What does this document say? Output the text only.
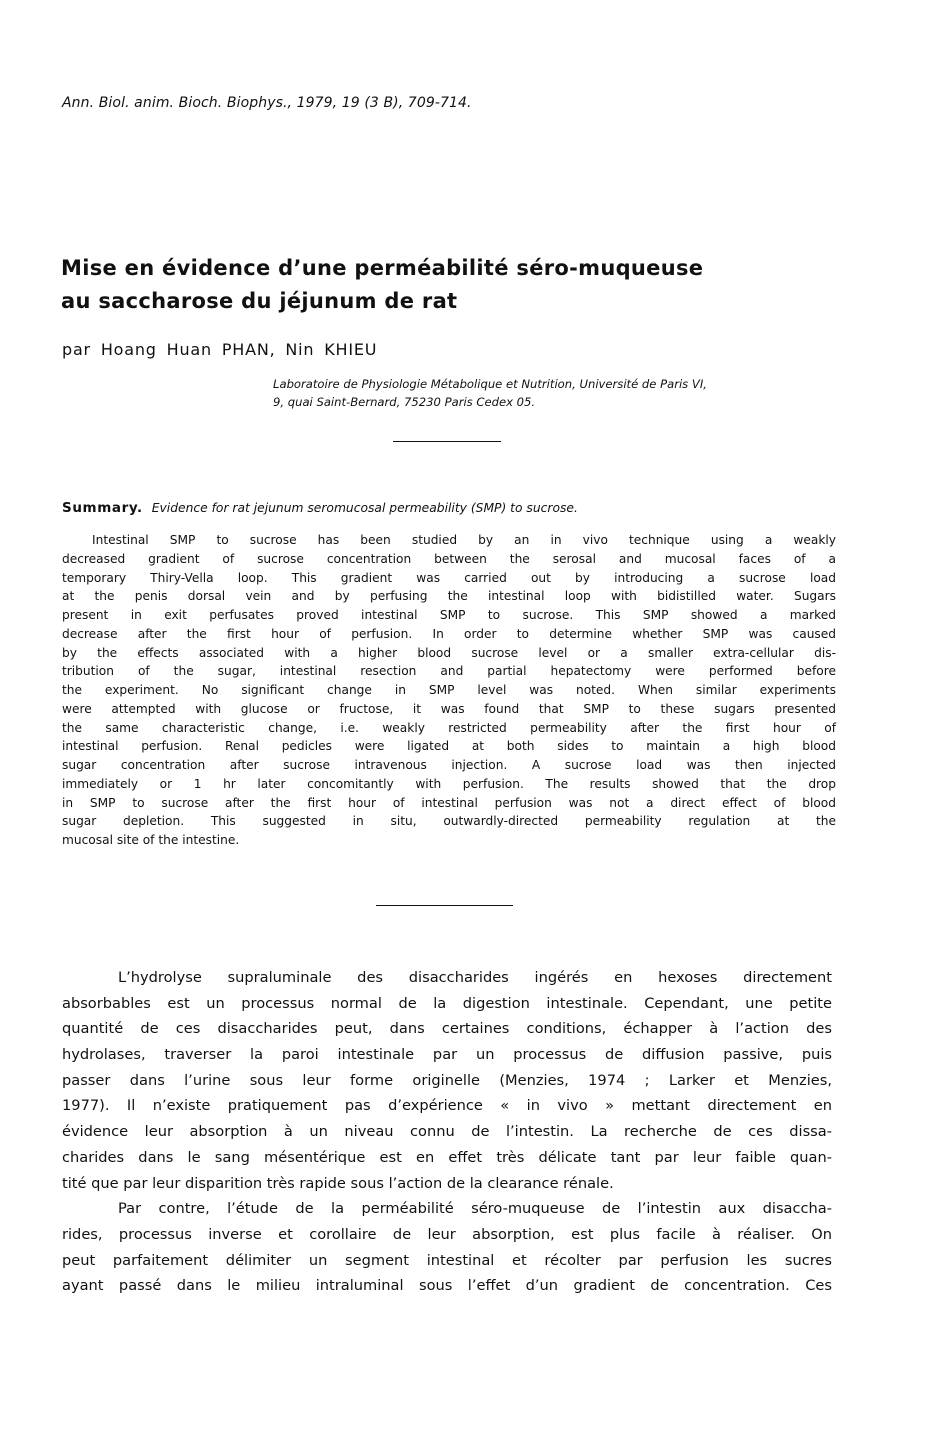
Ann. Biol. anim. Bioch. Biophys., 1979, 19 (3 B), 709-714.
Mise en évidence d’une perméabilité séro-muqueuse
au saccharose du jéjunum de rat
par Hoang Huan PHAN, Nin KHIEU
Laboratoire de Physiologie Métabolique et Nutrition, Université de Paris VI,
9, quai Saint-Bernard, 75230 Paris Cedex 05.
Summary. Evidence for rat jejunum seromucosal permeability (SMP) to sucrose.
Intestinal SMP to sucrose has been studied by an in vivo technique using a weakly
decreased gradient of sucrose concentration between the serosal and mucosal faces of a
temporary Thiry-Vella loop. This gradient was carried out by introducing a sucrose load
at the penis dorsal vein and by perfusing the intestinal loop with bidistilled water. Sugars
present in exit perfusates proved intestinal SMP to sucrose. This SMP showed a marked
decrease after the first hour of perfusion. In order to determine whether SMP was caused
by the effects associated with a higher blood sucrose level or a smaller extra-cellular dis-
tribution of the sugar, intestinal resection and partial hepatectomy were performed before
the experiment. No significant change in SMP level was noted. When similar experiments
were attempted with glucose or fructose, it was found that SMP to these sugars presented
the same characteristic change, i.e. weakly restricted permeability after the first hour of
intestinal perfusion. Renal pedicles were ligated at both sides to maintain a high blood
sugar concentration after sucrose intravenous injection. A sucrose load was then injected
immediately or 1 hr later concomitantly with perfusion. The results showed that the drop
in SMP to sucrose after the first hour of intestinal perfusion was not a direct effect of blood
sugar depletion. This suggested in situ, outwardly-directed permeability regulation at the
mucosal site of the intestine.
L’hydrolyse supraluminale des disaccharides ingérés en hexoses directement
absorbables est un processus normal de la digestion intestinale. Cependant, une petite
quantité de ces disaccharides peut, dans certaines conditions, échapper à l’action des
hydrolases, traverser la paroi intestinale par un processus de diffusion passive, puis
passer dans l’urine sous leur forme originelle (Menzies, 1974 ; Larker et Menzies,
1977). Il n’existe pratiquement pas d’expérience « in vivo » mettant directement en
évidence leur absorption à un niveau connu de l’intestin. La recherche de ces dissa-
charides dans le sang mésentérique est en effet très délicate tant par leur faible quan-
tité que par leur disparition très rapide sous l’action de la clearance rénale.
Par contre, l’étude de la perméabilité séro-muqueuse de l’intestin aux disaccha-
rides, processus inverse et corollaire de leur absorption, est plus facile à réaliser. On
peut parfaitement délimiter un segment intestinal et récolter par perfusion les sucres
ayant passé dans le milieu intraluminal sous l’effet d’un gradient de concentration. Ces
